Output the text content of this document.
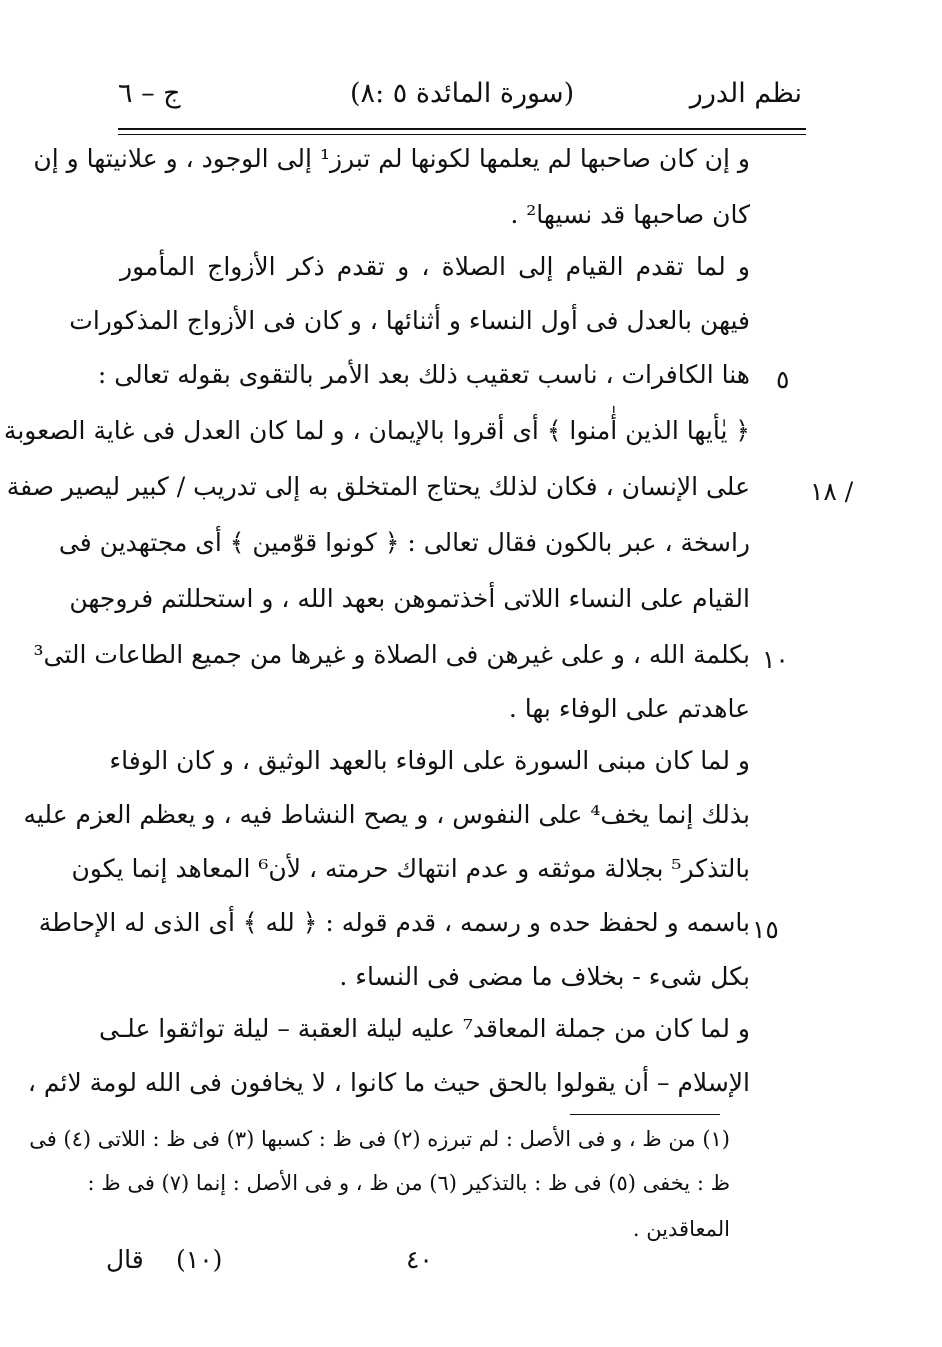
نظم الدرر
(سورة المائدة ٥ :٨)
ج – ٦
و إن كان صاحبها لم يعلمها لكونها لم تبرز¹ إلى الوجود ، و علانيتها و إن
كان صاحبها قد نسيها² .
و لما تقدم القيام إلى الصلاة ، و تقدم ذكر الأزواج المأمور
فيهن بالعدل فى أول النساء و أثنائها ، و كان فى الأزواج المذكورات
هنا الكافرات ، ناسب تعقيب ذلك بعد الأمر بالتقوى بقوله تعالى :
﴿ يٰأيها الذين أٰمنوا ﴾ أى أقروا بالإيمان ، و لما كان العدل فى غاية الصعوبة
على الإنسان ، فكان لذلك يحتاج المتخلق به إلى تدريب / كبير ليصير صفة
راسخة ، عبر بالكون فقال تعالى : ﴿ كونوا قوّٰمين ﴾ أى مجتهدين فى
القيام على النساء اللاتى أخذتموهن بعهد الله ، و استحللتم فروجهن
بكلمة الله ، و على غيرهن فى الصلاة و غيرها من جميع الطاعات التى³
عاهدتم على الوفاء بها .
و لما كان مبنى السورة على الوفاء بالعهد الوثيق ، و كان الوفاء
بذلك إنما يخف⁴ على النفوس ، و يصح النشاط فيه ، و يعظم العزم عليه
بالتذكر⁵ بجلالة موثقه و عدم انتهاك حرمته ، لأن⁶ المعاهد إنما يكون
باسمه و لحفظ حده و رسمه ، قدم قوله : ﴿ لله ﴾ أى الذى له الإحاطة
بكل شىء - بخلاف ما مضى فى النساء .
و لما كان من جملة المعاقد⁷ عليه ليلة العقبة – ليلة تواثقوا علـى
الإسلام – أن يقولوا بالحق حيث ما كانوا ، لا يخافون فى الله لومة لائم ،
٥
١٨ /
١٠
١٥
(١) من ظ ، و فى الأصل : لم تبرزه (٢) فى ظ : كسبها (٣) فى ظ : اللاتى (٤) فى
ظ : يخفى (٥) فى ظ : بالتذكير (٦) من ظ ، و فى الأصل : إنما (٧) فى ظ :
المعاقدين .
قال (١٠)	٤٠
